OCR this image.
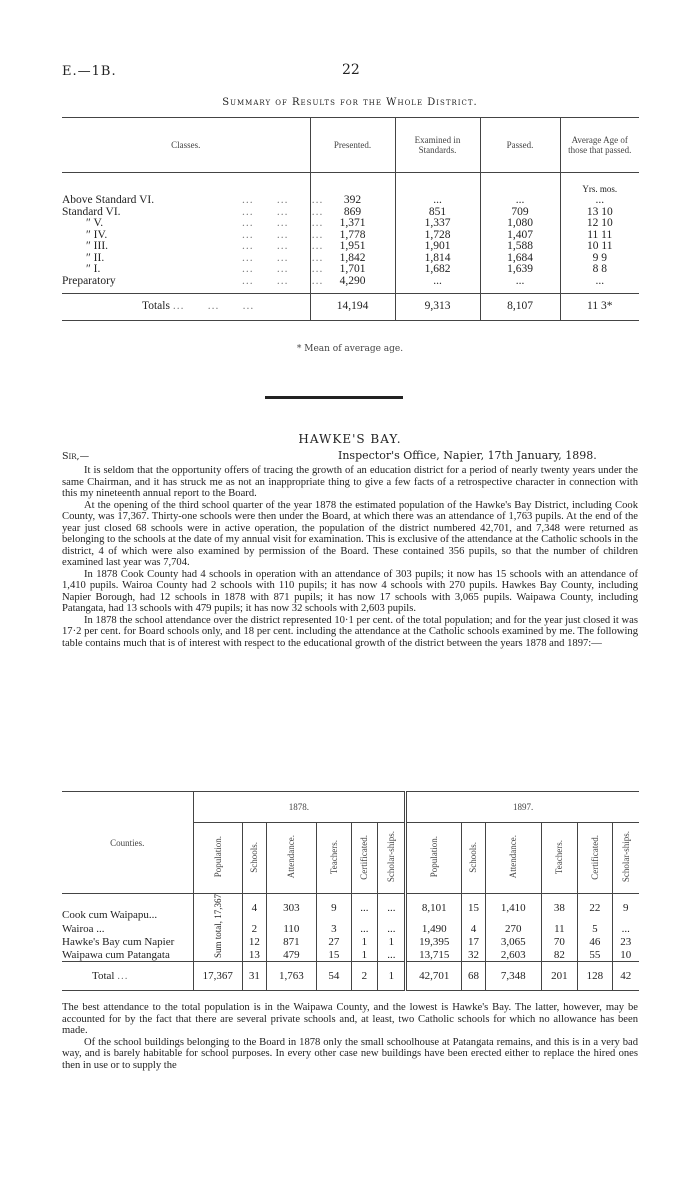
E.—1B.	22
Summary of Results for the Whole District.
Classes.	Presented.	Examined in Standards.	Passed.	Average Age of those that passed.
				Yrs. mos.
Above Standard VI. ...      ...      ...	392	...	...	...
Standard VI. ...      ...      ...	869	851	709	13 10
″ V. ...      ...      ...	1,371	1,337	1,080	12 10
″ IV. ...      ...      ...	1,778	1,728	1,407	11 11
″ III. ...      ...      ...	1,951	1,901	1,588	10 11
″ II. ...      ...      ...	1,842	1,814	1,684	9 9
″ I. ...      ...      ...	1,701	1,682	1,639	8 8
Preparatory ...      ...      ...	4,290	...	...	...
Totals ...      ...      ...	14,194	9,313	8,107	11 3*
* Mean of average age.
HAWKE'S BAY.
Sir,—	Inspector's Office, Napier, 17th January, 1898.

It is seldom that the opportunity offers of tracing the growth of an education district for a period of nearly twenty years under the same Chairman, and it has struck me as not an inappropriate thing to give a few facts of a retrospective character in connection with this my nineteenth annual report to the Board.

At the opening of the third school quarter of the year 1878 the estimated population of the Hawke's Bay District, including Cook County, was 17,367. Thirty-one schools were then under the Board, at which there was an attendance of 1,763 pupils. At the end of the year just closed 68 schools were in active operation, the population of the district numbered 42,701, and 7,348 were returned as belonging to the schools at the date of my annual visit for examination. This is exclusive of the attendance at the Catholic schools in the district, 4 of which were also examined by permission of the Board. These contained 356 pupils, so that the number of children examined last year was 7,704.

In 1878 Cook County had 4 schools in operation with an attendance of 303 pupils; it now has 15 schools with an attendance of 1,410 pupils. Wairoa County had 2 schools with 110 pupils; it has now 4 schools with 270 pupils. Hawkes Bay County, including Napier Borough, had 12 schools in 1878 with 871 pupils; it has now 17 schools with 3,065 pupils. Waipawa County, including Patangata, had 13 schools with 479 pupils; it has now 32 schools with 2,603 pupils.

In 1878 the school attendance over the district represented 10·1 per cent. of the total population; and for the year just closed it was 17·2 per cent. for Board schools only, and 18 per cent. including the attendance at the Catholic schools examined by me. The following table contains much that is of interest with respect to the educational growth of the district between the years 1878 and 1897:—

Counties.	1878.						1897.					
	Population.	Schools.	Attendance.	Teachers.	Certificated.	Scholar-ships.	Population.	Schools.	Attendance.	Teachers.	Certificated.	Scholar-ships.
Cook cum Waipapu...	Sum total, 17,367	4	303	9	...	...	8,101	15	1,410	38	22	9
Wairoa ...		2	110	3	...	...	1,490	4	270	11	5	...
Hawke's Bay cum Napier		12	871	27	1	1	19,395	17	3,065	70	46	23
Waipawa cum Patangata		13	479	15	1	...	13,715	32	2,603	82	55	10
Total ...	17,367	31	1,763	54	2	1	42,701	68	7,348	201	128	42

The best attendance to the total population is in the Waipawa County, and the lowest is Hawke's Bay. The latter, however, may be accounted for by the fact that there are several private schools and, at least, two Catholic schools for which no allowance has been made.

Of the school buildings belonging to the Board in 1878 only the small schoolhouse at Patangata remains, and this is in a very bad way, and is barely habitable for school purposes. In every other case new buildings have been erected either to replace the hired ones then in use or to supply the
